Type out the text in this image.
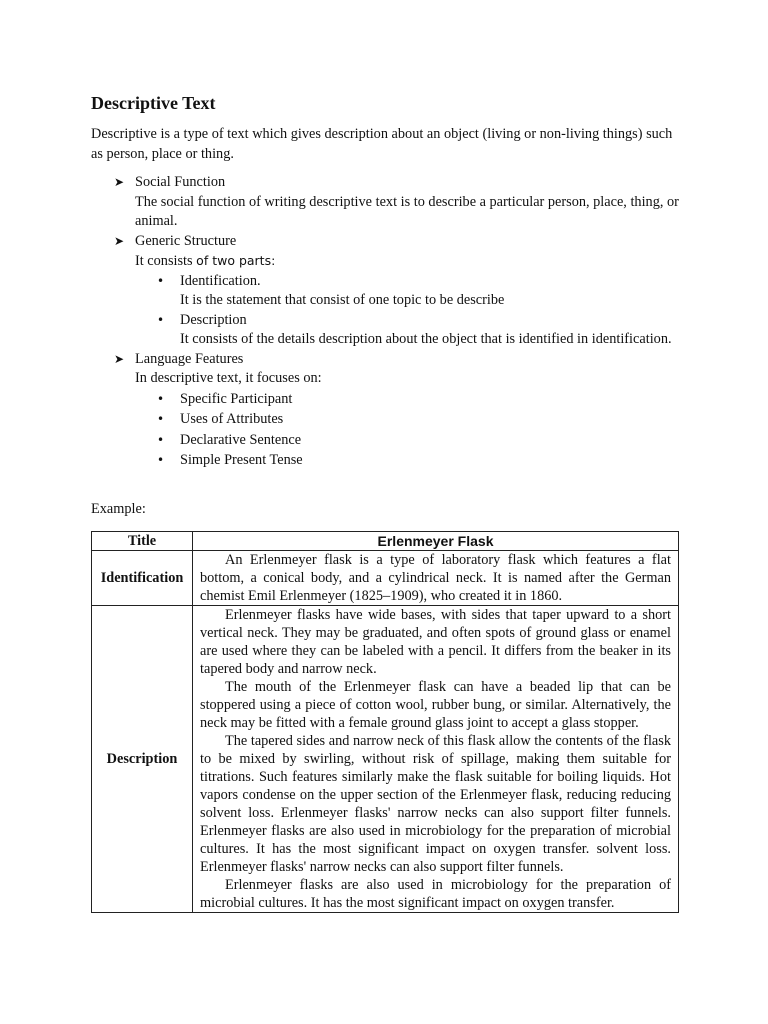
Descriptive Text

Descriptive is a type of text which gives description about an object (living or non-living things) such as person, place or thing.

➤ Social Function
The social function of writing descriptive text is to describe a particular person, place, thing, or animal.
➤ Generic Structure
It consists of two parts:
• Identification.
It is the statement that consist of one topic to be describe
• Description
It consists of the details description about the object that is identified in identification.
➤ Language Features
In descriptive text, it focuses on:
• Specific Participant
• Uses of Attributes
• Declarative Sentence
• Simple Present Tense

Example:

Title	Erlenmeyer Flask
Identification	An Erlenmeyer flask is a type of laboratory flask which features a flat bottom, a conical body, and a cylindrical neck. It is named after the German chemist Emil Erlenmeyer (1825–1909), who created it in 1860.

Description	Erlenmeyer flasks have wide bases, with sides that taper upward to a short vertical neck. They may be graduated, and often spots of ground glass or enamel are used where they can be labeled with a pencil. It differs from the beaker in its tapered body and narrow neck.

The mouth of the Erlenmeyer flask can have a beaded lip that can be stoppered using a piece of cotton wool, rubber bung, or similar. Alternatively, the neck may be fitted with a female ground glass joint to accept a glass stopper.

The tapered sides and narrow neck of this flask allow the contents of the flask to be mixed by swirling, without risk of spillage, making them suitable for titrations. Such features similarly make the flask suitable for boiling liquids. Hot vapors condense on the upper section of the Erlenmeyer flask, reducing reducing solvent loss. Erlenmeyer flasks' narrow necks can also support filter funnels. Erlenmeyer flasks are also used in microbiology for the preparation of microbial cultures. It has the most significant impact on oxygen transfer. solvent loss. Erlenmeyer flasks' narrow necks can also support filter funnels.

Erlenmeyer flasks are also used in microbiology for the preparation of microbial cultures. It has the most significant impact on oxygen transfer.
